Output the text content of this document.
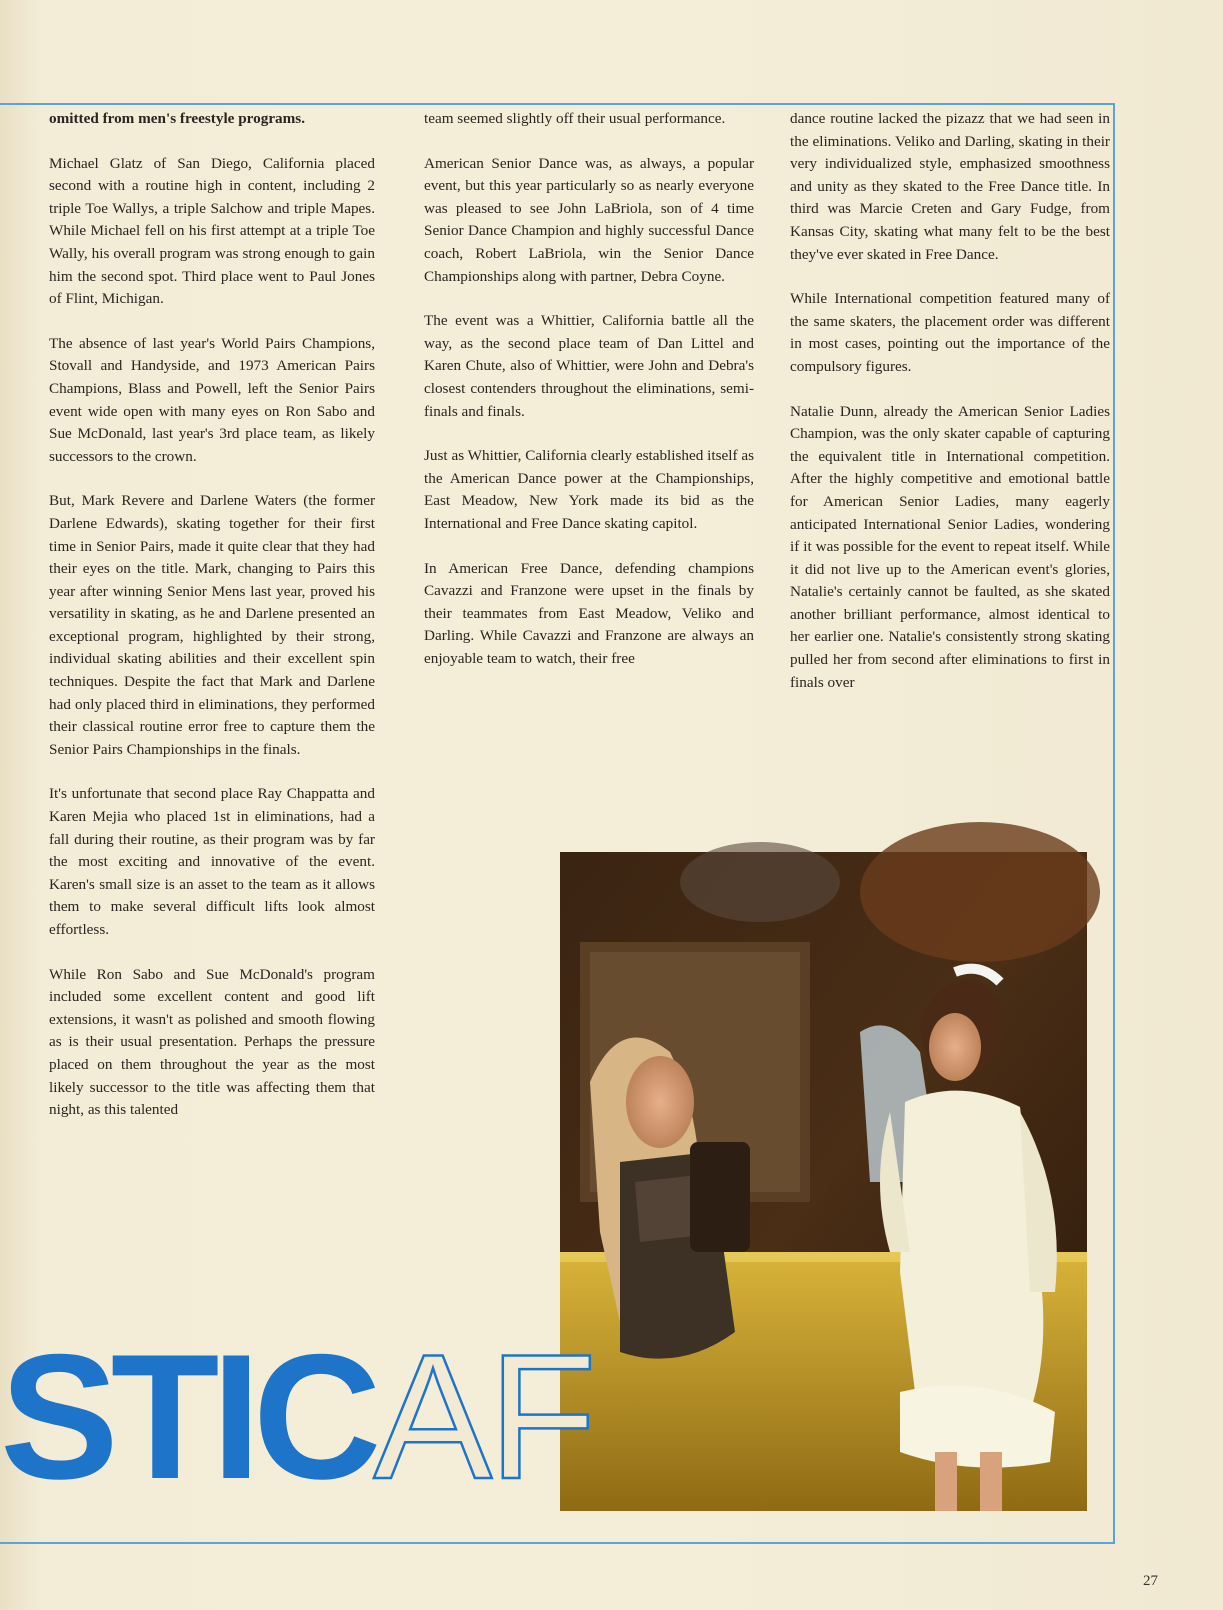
omitted from men's freestyle programs.

Michael Glatz of San Diego, California placed second with a routine high in content, including 2 triple Toe Wallys, a triple Salchow and triple Mapes. While Michael fell on his first attempt at a triple Toe Wally, his overall program was strong enough to gain him the second spot. Third place went to Paul Jones of Flint, Michigan.

The absence of last year's World Pairs Champions, Stovall and Handyside, and 1973 American Pairs Champions, Blass and Powell, left the Senior Pairs event wide open with many eyes on Ron Sabo and Sue McDonald, last year's 3rd place team, as likely successors to the crown.

But, Mark Revere and Darlene Waters (the former Darlene Edwards), skating together for their first time in Senior Pairs, made it quite clear that they had their eyes on the title. Mark, changing to Pairs this year after winning Senior Mens last year, proved his versatility in skating, as he and Darlene presented an exceptional program, highlighted by their strong, individual skating abilities and their excellent spin techniques. Despite the fact that Mark and Darlene had only placed third in eliminations, they performed their classical routine error free to capture them the Senior Pairs Championships in the finals.

It's unfortunate that second place Ray Chappatta and Karen Mejia who placed 1st in eliminations, had a fall during their routine, as their program was by far the most exciting and innovative of the event. Karen's small size is an asset to the team as it allows them to make several difficult lifts look almost effortless.

While Ron Sabo and Sue McDonald's program included some excellent content and good lift extensions, it wasn't as polished and smooth flowing as is their usual presentation. Perhaps the pressure placed on them throughout the year as the most likely successor to the title was affecting them that night, as this talented

team seemed slightly off their usual performance.

American Senior Dance was, as always, a popular event, but this year particularly so as nearly everyone was pleased to see John LaBriola, son of 4 time Senior Dance Champion and highly successful Dance coach, Robert LaBriola, win the Senior Dance Championships along with partner, Debra Coyne.

The event was a Whittier, California battle all the way, as the second place team of Dan Littel and Karen Chute, also of Whittier, were John and Debra's closest contenders throughout the eliminations, semi-finals and finals.

Just as Whittier, California clearly established itself as the American Dance power at the Championships, East Meadow, New York made its bid as the International and Free Dance skating capitol.

In American Free Dance, defending champions Cavazzi and Franzone were upset in the finals by their teammates from East Meadow, Veliko and Darling. While Cavazzi and Franzone are always an enjoyable team to watch, their free

dance routine lacked the pizazz that we had seen in the eliminations. Veliko and Darling, skating in their very individualized style, emphasized smoothness and unity as they skated to the Free Dance title. In third was Marcie Creten and Gary Fudge, from Kansas City, skating what many felt to be the best they've ever skated in Free Dance.

While International competition featured many of the same skaters, the placement order was different in most cases, pointing out the importance of the compulsory figures.

Natalie Dunn, already the American Senior Ladies Champion, was the only skater capable of capturing the equivalent title in International competition. After the highly competitive and emotional battle for American Senior Ladies, many eagerly anticipated International Senior Ladies, wondering if it was possible for the event to repeat itself. While it did not live up to the American event's glories, Natalie's certainly cannot be faulted, as she skated another brilliant performance, almost identical to her earlier one. Natalie's consistently strong skating pulled her from second after eliminations to first in finals over

STICAF
27
